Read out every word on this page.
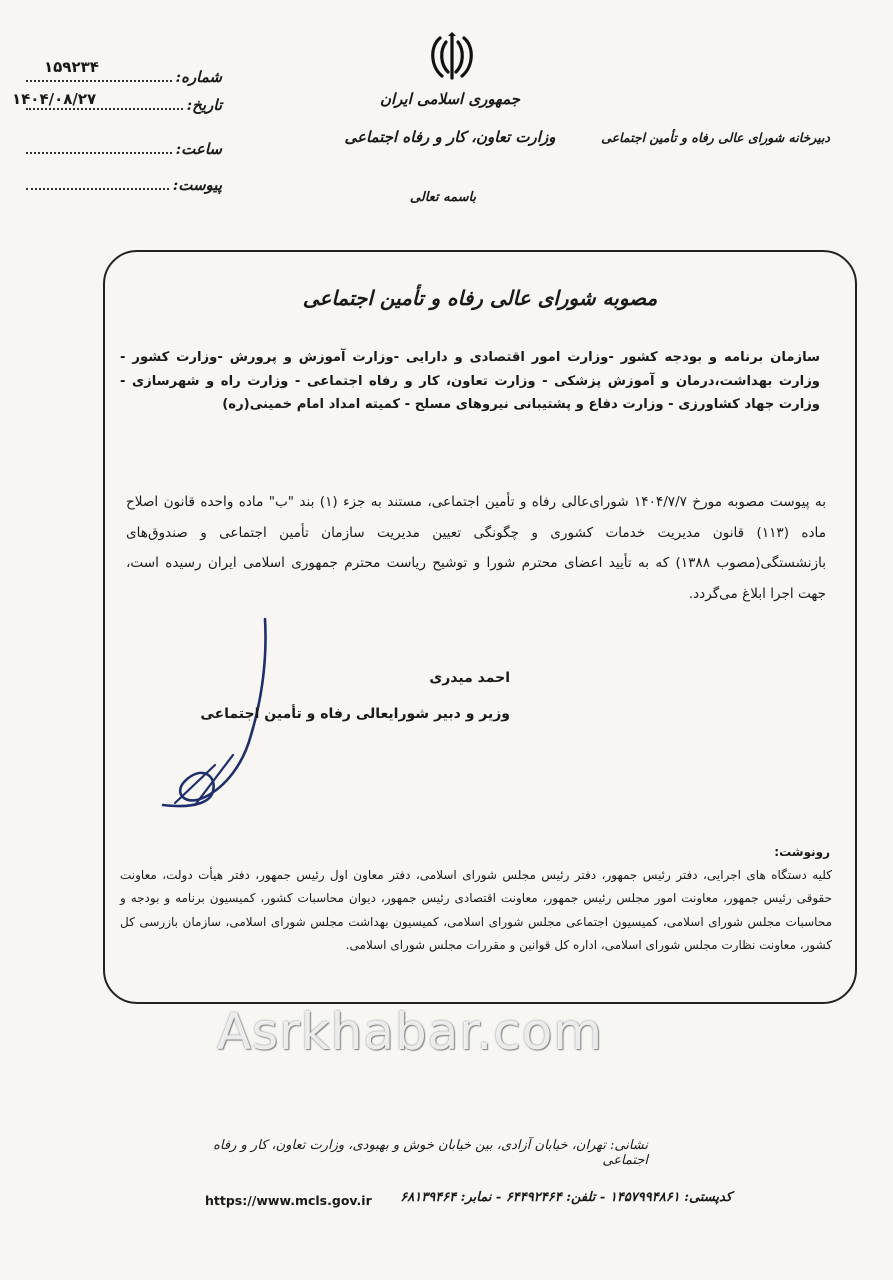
شماره:
۱۵۹۲۳۴
تاریخ:
۱۴۰۴/۰۸/۲۷
ساعت:
پیوست:
جمهوری اسلامی ایران
وزارت تعاون، کار و رفاه اجتماعی
باسمه تعالی
دبیرخانه شورای عالی رفاه و تأمین اجتماعی
مصوبه شورای عالی رفاه و تأمین اجتماعی
سازمان برنامه و بودجه کشور -وزارت امور اقتصادی و دارایی -وزارت آموزش و پرورش -وزارت کشور - وزارت بهداشت،درمان و آموزش پزشکی - وزارت تعاون، کار و رفاه اجتماعی - وزارت راه و شهرسازی - وزارت جهاد کشاورزی - وزارت دفاع و پشتیبانی نیروهای مسلح - کمیته امداد امام خمینی(ره)
به پیوست مصوبه مورخ ۱۴۰۴/۷/۷ شورای‌عالی رفاه و تأمین اجتماعی، مستند به جزء (۱) بند "ب" ماده واحده قانون اصلاح ماده (۱۱۳) قانون مدیریت خدمات کشوری و چگونگی تعیین مدیریت سازمان تأمین اجتماعی و صندوق‌های بازنشستگی(مصوب ۱۳۸۸) که به تأیید اعضای محترم شورا و توشیح ریاست محترم جمهوری اسلامی ایران رسیده است، جهت اجرا ابلاغ می‌گردد.
احمد میدری
وزیر و دبیر شورایعالی رفاه و تأمین اجتماعی
رونوشت:
کلیه دستگاه های اجرایی، دفتر رئیس جمهور، دفتر رئیس مجلس شورای اسلامی، دفتر معاون اول رئیس جمهور، دفتر هیأت دولت، معاونت حقوقی رئیس جمهور، معاونت امور مجلس رئیس جمهور، معاونت اقتصادی رئیس جمهور، دیوان محاسبات کشور، کمیسیون برنامه و بودجه و محاسبات مجلس شورای اسلامی، کمیسیون اجتماعی مجلس شورای اسلامی، کمیسیون بهداشت مجلس شورای اسلامی، سازمان بازرسی کل کشور، معاونت نظارت مجلس شورای اسلامی، اداره کل قوانین و مقررات مجلس شورای اسلامی.
Asrkhabar.com
نشانی: تهران، خیابان آزادی، بین خیابان خوش و بهبودی، وزارت تعاون، کار و رفاه اجتماعی
کدپستی: ۱۴۵۷۹۹۴۸۶۱ - تلفن: ۶۴۴۹۲۴۶۴ - نمابر: ۶۸۱۳۹۴۶۴
https://www.mcls.gov.ir
